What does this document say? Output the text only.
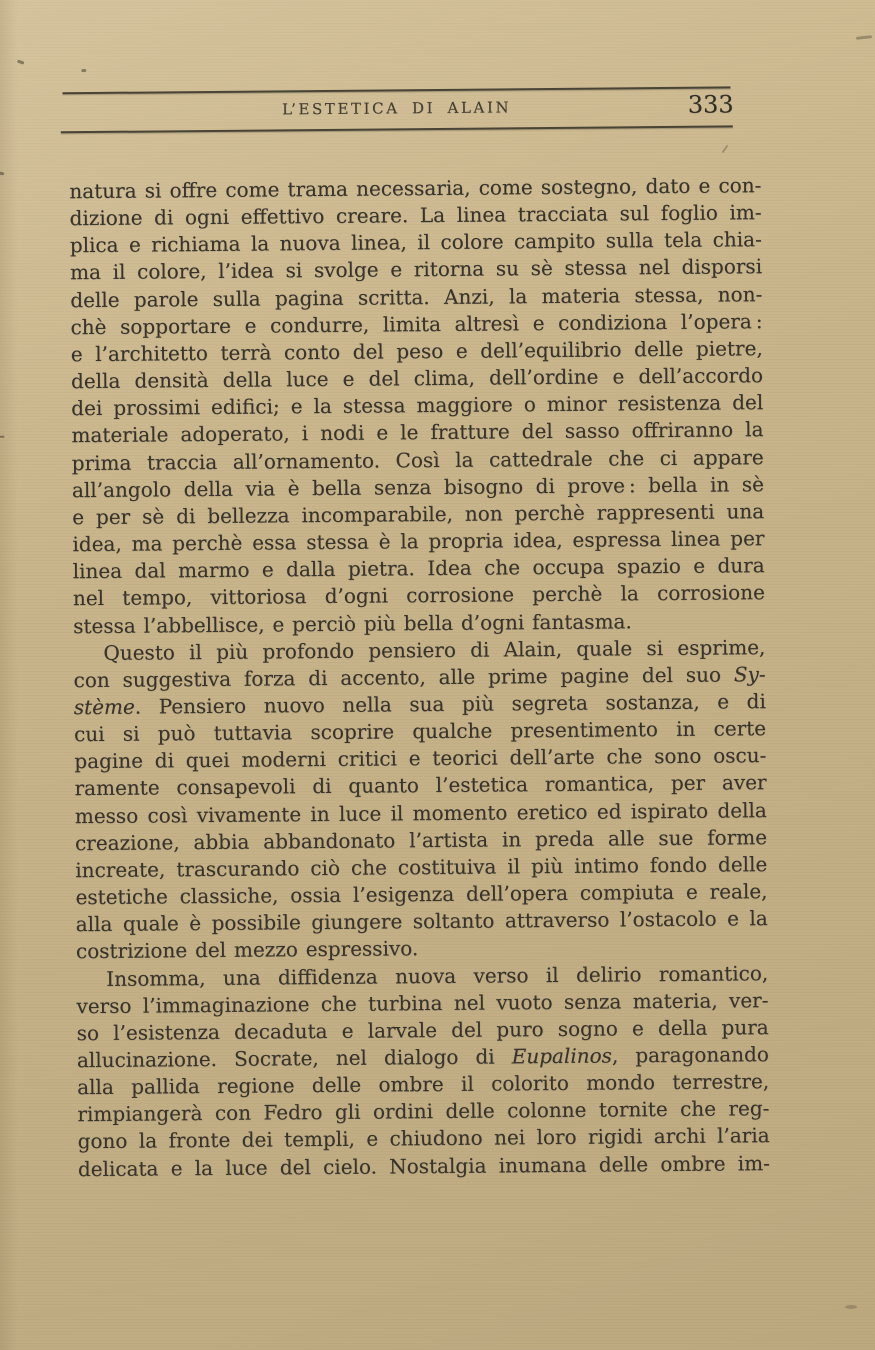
L’ESTETICA DI ALAIN	333
natura si offre come trama necessaria, come sostegno, dato e con-
dizione di ogni effettivo creare. La linea tracciata sul foglio im-
plica e richiama la nuova linea, il colore campito sulla tela chia-
ma il colore, l’idea si svolge e ritorna su sè stessa nel disporsi
delle parole sulla pagina scritta. Anzi, la materia stessa, non-
chè sopportare e condurre, limita altresì e condiziona l’opera :
e l’architetto terrà conto del peso e dell’equilibrio delle pietre,
della densità della luce e del clima, dell’ordine e dell’accordo
dei prossimi edifici; e la stessa maggiore o minor resistenza del
materiale adoperato, i nodi e le fratture del sasso offriranno la
prima traccia all’ornamento. Così la cattedrale che ci appare
all’angolo della via è bella senza bisogno di prove : bella in sè
e per sè di bellezza incomparabile, non perchè rappresenti una
idea, ma perchè essa stessa è la propria idea, espressa linea per
linea dal marmo e dalla pietra. Idea che occupa spazio e dura
nel tempo, vittoriosa d’ogni corrosione perchè la corrosione
stessa l’abbellisce, e perciò più bella d’ogni fantasma.
Questo il più profondo pensiero di Alain, quale si esprime,
con suggestiva forza di accento, alle prime pagine del suo Sy-
stème. Pensiero nuovo nella sua più segreta sostanza, e di
cui si può tuttavia scoprire qualche presentimento in certe
pagine di quei moderni critici e teorici dell’arte che sono oscu-
ramente consapevoli di quanto l’estetica romantica, per aver
messo così vivamente in luce il momento eretico ed ispirato della
creazione, abbia abbandonato l’artista in preda alle sue forme
increate, trascurando ciò che costituiva il più intimo fondo delle
estetiche classiche, ossia l’esigenza dell’opera compiuta e reale,
alla quale è possibile giungere soltanto attraverso l’ostacolo e la
costrizione del mezzo espressivo.
Insomma, una diffidenza nuova verso il delirio romantico,
verso l’immaginazione che turbina nel vuoto senza materia, ver-
so l’esistenza decaduta e larvale del puro sogno e della pura
allucinazione. Socrate, nel dialogo di Eupalinos, paragonando
alla pallida regione delle ombre il colorito mondo terrestre,
rimpiangerà con Fedro gli ordini delle colonne tornite che reg-
gono la fronte dei templi, e chiudono nei loro rigidi archi l’aria
delicata e la luce del cielo. Nostalgia inumana delle ombre im-
